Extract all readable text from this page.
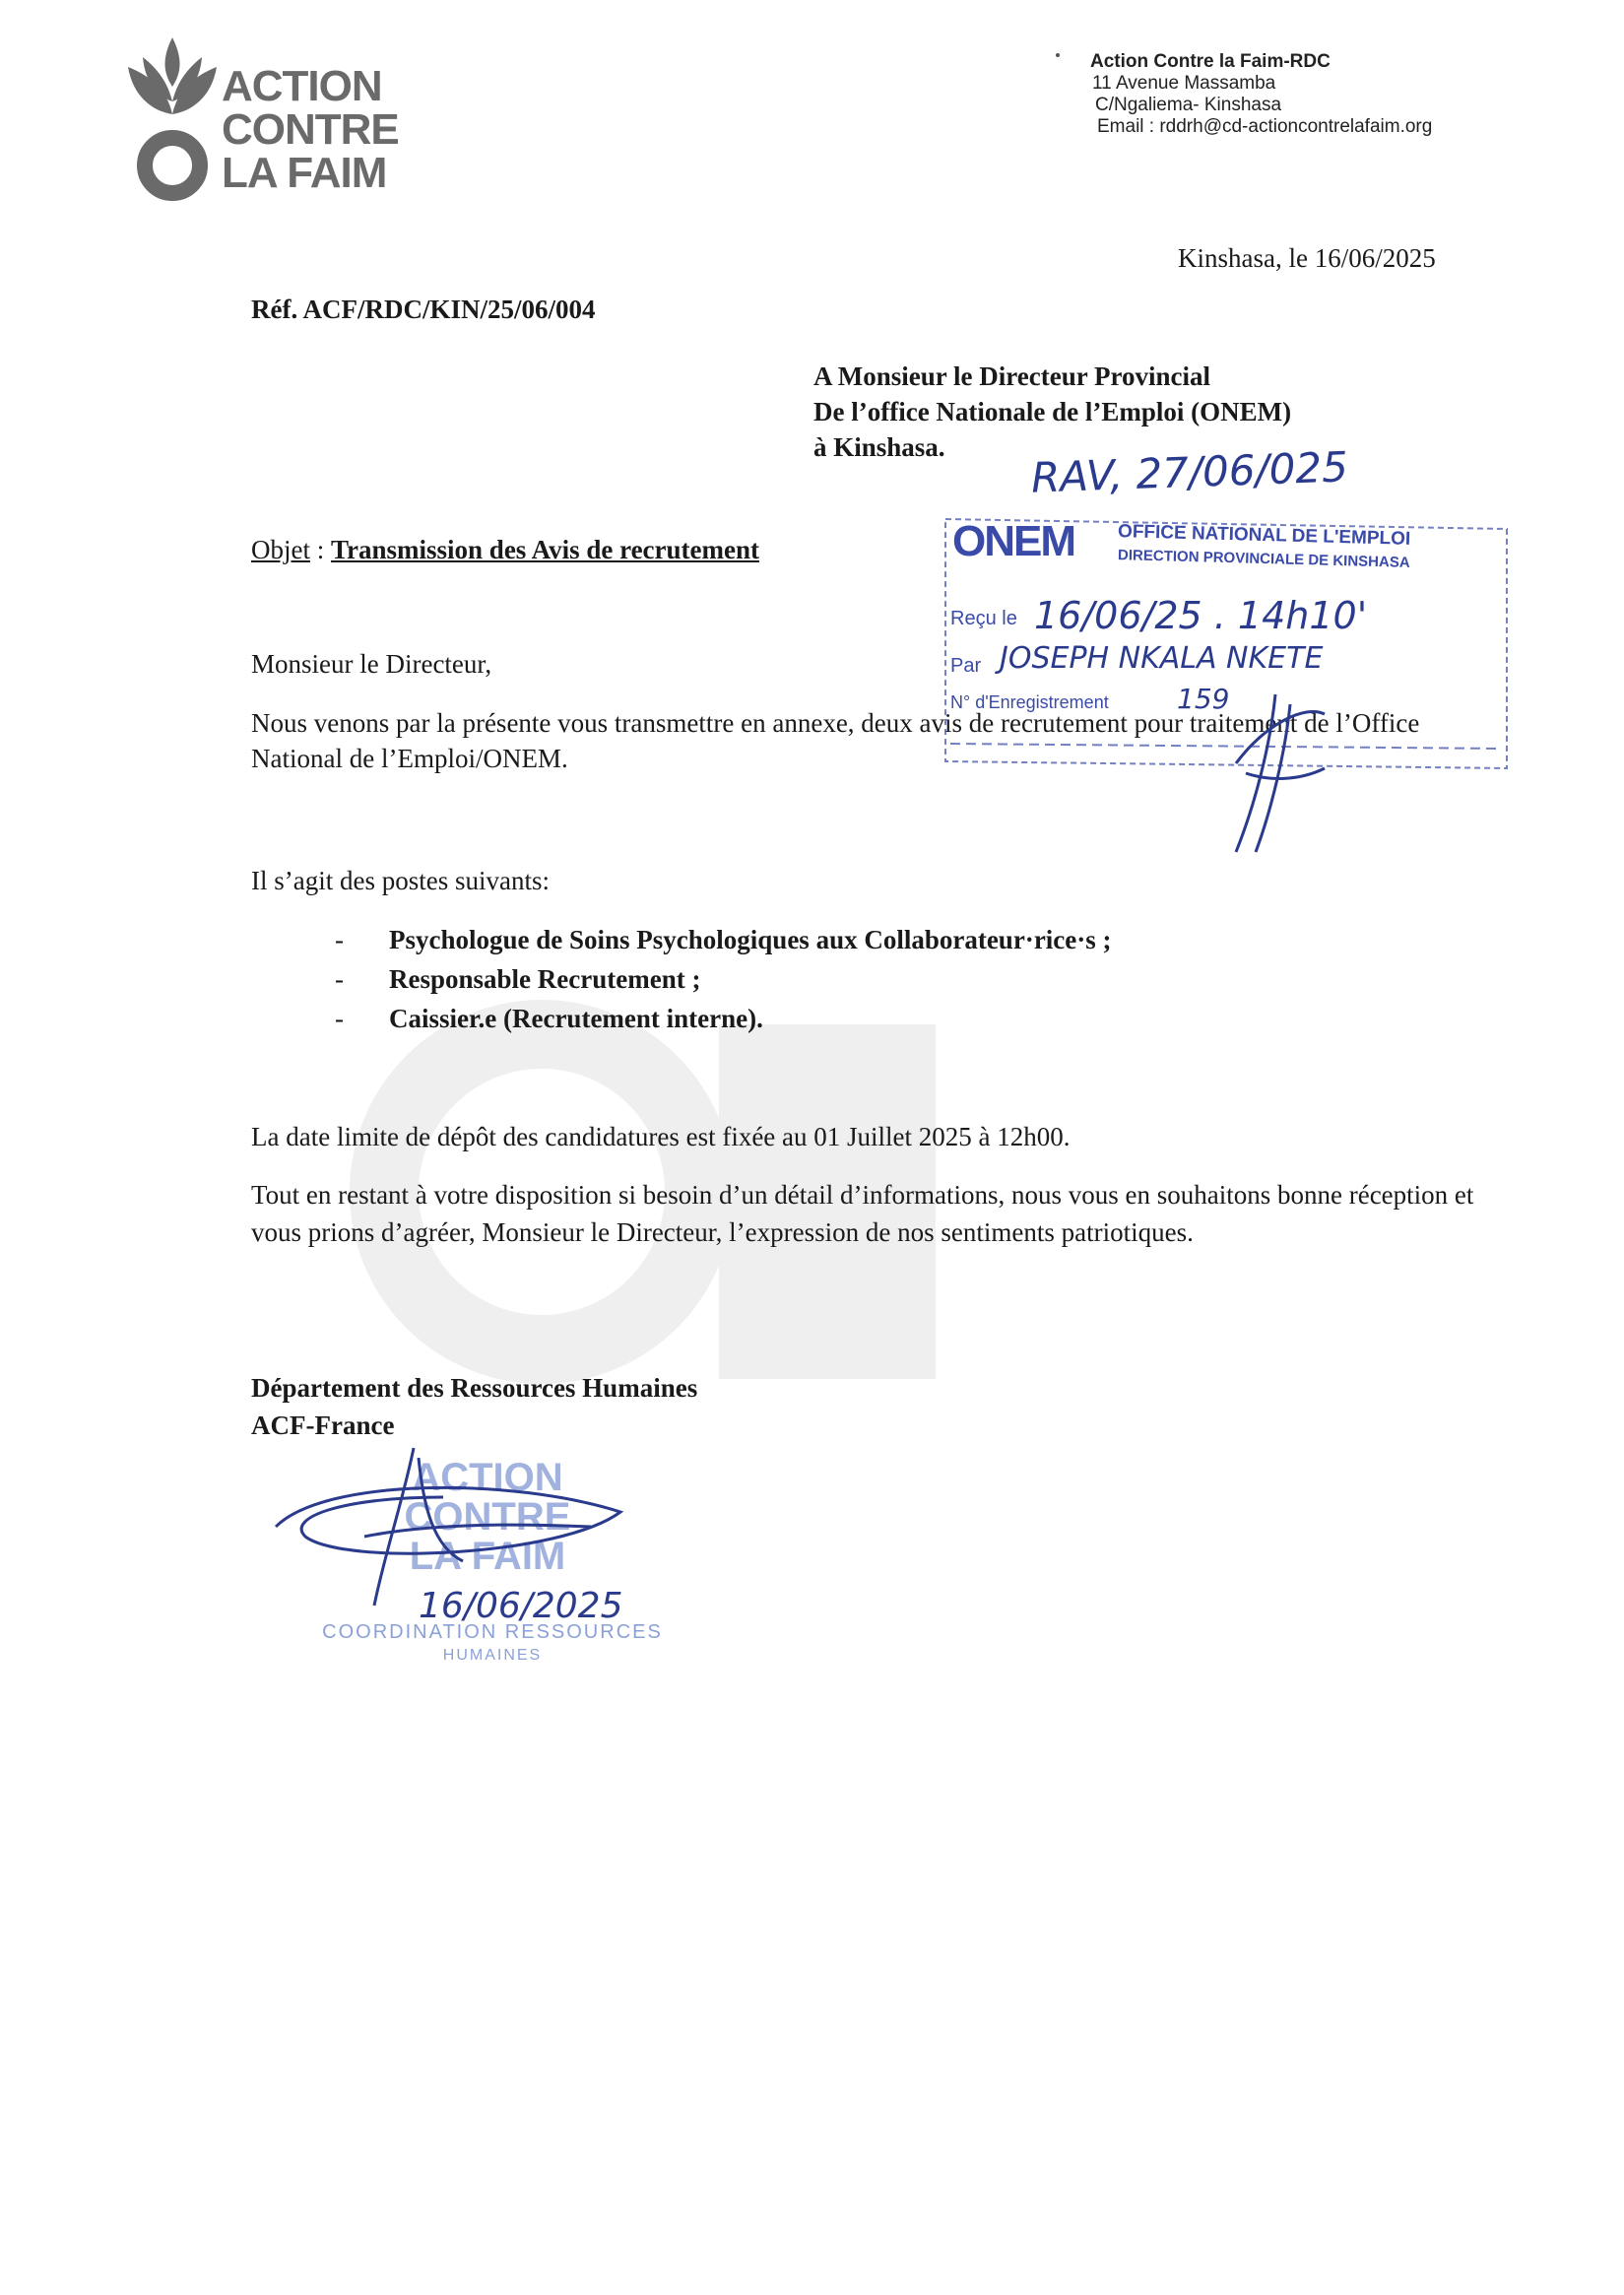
ACTION
CONTRE
LA FAIM
Action Contre la Faim-RDC
11 Avenue Massamba
C/Ngaliema- Kinshasa
Email : rddrh@cd-actioncontrelafaim.org
Kinshasa, le 16/06/2025
Réf. ACF/RDC/KIN/25/06/004
A Monsieur le Directeur Provincial
De l’office Nationale de l’Emploi (ONEM)
à Kinshasa.
Objet : Transmission des Avis de recrutement
Monsieur le Directeur,
Nous venons par la présente vous transmettre en annexe, deux avis de recrutement pour traitement de l’Office National de l’Emploi/ONEM.
Il s’agit des postes suivants:
- Psychologue de Soins Psychologiques aux Collaborateur·rice·s ;
- Responsable Recrutement ;
- Caissier.e (Recrutement interne).
La date limite de dépôt des candidatures est fixée au 01 Juillet 2025 à 12h00.
Tout en restant à votre disposition si besoin d’un détail d’informations, nous vous en souhaitons bonne réception et vous prions d’agréer, Monsieur le Directeur, l’expression de nos sentiments patriotiques.
Département des Ressources Humaines
ACF-France
RAV, 27/06/025
ONEM OFFICE NATIONAL DE L'EMPLOI
DIRECTION PROVINCIALE DE KINSHASA
Reçu le 16/06/25 . 14h10'
Par JOSEPH NKALA NKETE
N° d'Enregistrement 159
ACTION
CONTRE
LA FAIM
COORDINATION RESSOURCES
HUMAINES
16/06/2025
